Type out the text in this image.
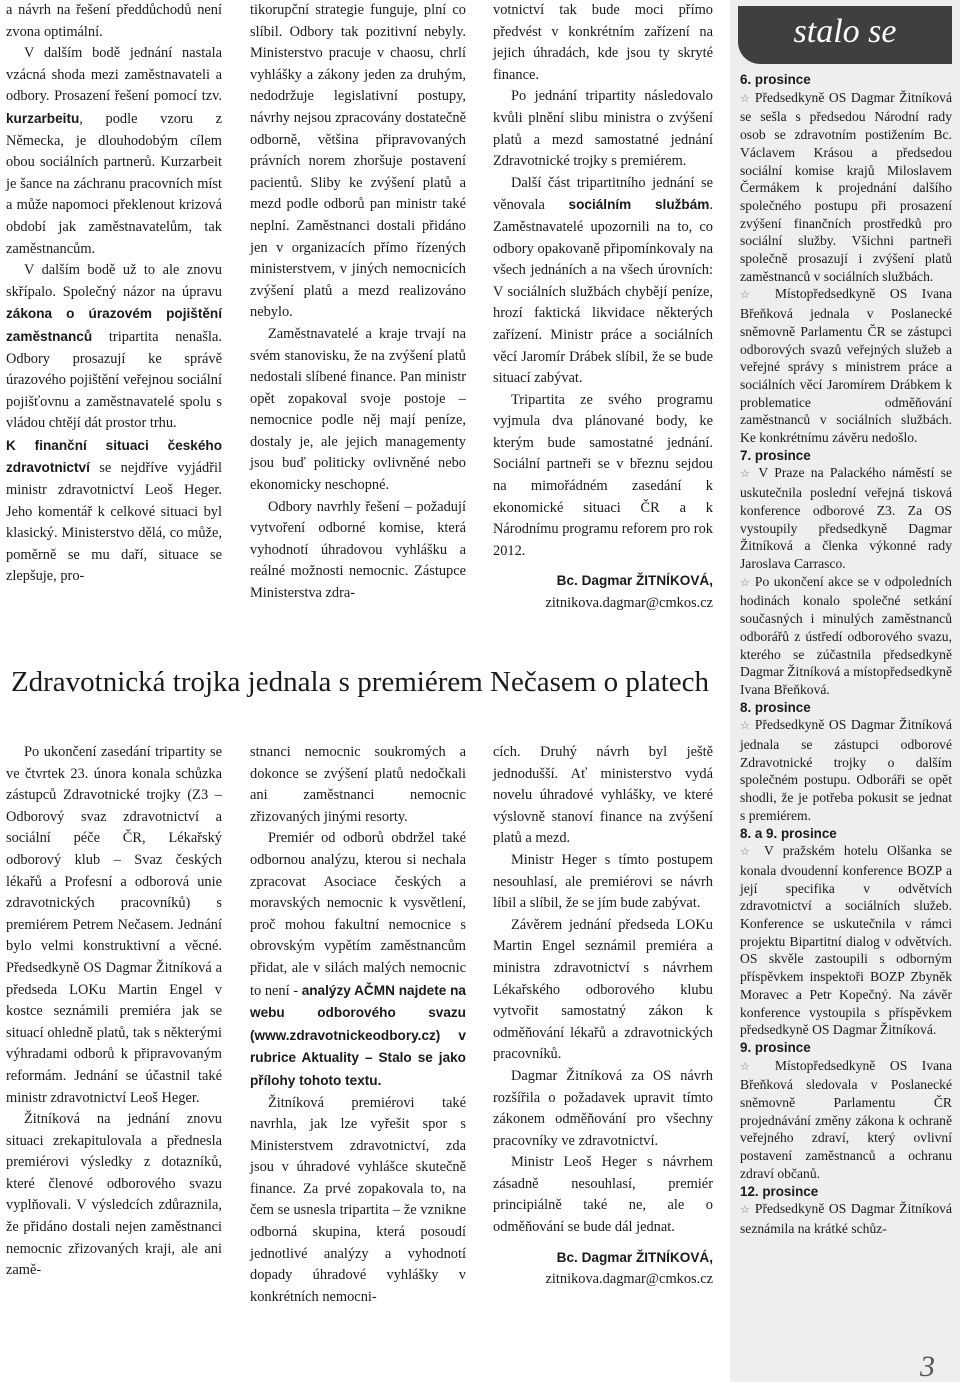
a návrh na řešení předdůchodů není zvona optimální.

V dalším bodě jednání nastala vzácná shoda mezi zaměstnavateli a odbory. Prosazení řešení pomocí tzv. kurzarbeitu, podle vzoru z Německa, je dlouhodobým cílem obou sociálních partnerů. Kurzarbeit je šance na záchranu pracovních míst a může napomoci překlenout krizová období jak zaměstnavatelům, tak zaměstnancům.

V dalším bodě už to ale znovu skřípalo. Společný názor na úpravu zákona o úrazovém pojištění zaměstnanců tripartita nenašla. Odbory prosazují ke správě úrazového pojištění veřejnou sociální pojišťovnu a zaměstnavatelé spolu s vládou chtějí dát prostor trhu.

K finanční situaci českého zdravotnictví se nejdříve vyjádřil ministr zdravotnictví Leoš Heger. Jeho komentář k celkové situaci byl klasický. Ministerstvo dělá, co může, poměrně se mu daří, situace se zlepšuje, pro-

tikorupční strategie funguje, plní co slíbil. Odbory tak pozitivní nebyly. Ministerstvo pracuje v chaosu, chrlí vyhlášky a zákony jeden za druhým, nedodržuje legislativní postupy, návrhy nejsou zpracovány dostatečně odborně, většina připravovaných právních norem zhoršuje postavení pacientů. Sliby ke zvýšení platů a mezd podle odborů pan ministr také neplní. Zaměstnanci dostali přidáno jen v organizacích přímo řízených ministerstvem, v jiných nemocnicích zvýšení platů a mezd realizováno nebylo.

Zaměstnavatelé a kraje trvají na svém stanovisku, že na zvýšení platů nedostali slíbené finance. Pan ministr opět zopakoval svoje postoje – nemocnice podle něj mají peníze, dostaly je, ale jejich managementy jsou buď politicky ovlivněné nebo ekonomicky neschopné.

Odbory navrhly řešení – požadují vytvoření odborné komise, která vyhodnotí úhradovou vyhlášku a reálné možnosti nemocnic. Zástupce Ministerstva zdra-

votnictví tak bude moci přímo předvést v konkrétním zařízení na jejich úhradách, kde jsou ty skryté finance.

Po jednání tripartity následovalo kvůli plnění slibu ministra o zvýšení platů a mezd samostatné jednání Zdravotnické trojky s premiérem.

Další část tripartitního jednání se věnovala sociálním službám. Zaměstnavatelé upozornili na to, co odbory opakovaně připomínkovaly na všech jednáních a na všech úrovních: V sociálních službách chybějí peníze, hrozí faktická likvidace některých zařízení. Ministr práce a sociálních věcí Jaromír Drábek slíbil, že se bude situací zabývat.

Tripartita ze svého programu vyjmula dva plánované body, ke kterým bude samostatné jednání. Sociální partneři se v březnu sejdou na mimořádném zasedání k ekonomické situaci ČR a k Národnímu programu reforem pro rok 2012.

Bc. Dagmar ŽITNÍKOVÁ,

zitnikova.dagmar@cmkos.cz

Zdravotnická trojka jednala s premiérem Nečasem o platech

Po ukončení zasedání tripartity se ve čtvrtek 23. února konala schůzka zástupců Zdravotnické trojky (Z3 – Odborový svaz zdravotnictví a sociální péče ČR, Lékařský odborový klub – Svaz českých lékařů a Profesní a odborová unie zdravotnických pracovníků) s premiérem Petrem Nečasem. Jednání bylo velmi konstruktivní a věcné. Předsedkyně OS Dagmar Žitníková a předseda LOKu Martin Engel v kostce seznámili premiéra jak se situací ohledně platů, tak s některými výhradami odborů k připravovaným reformám. Jednání se účastnil také ministr zdravotnictví Leoš Heger.

Žitníková na jednání znovu situaci zrekapitulovala a přednesla premiérovi výsledky z dotazníků, které členové odborového svazu vyplňovali. V výsledcích zdůraznila, že přidáno dostali nejen zaměstnanci nemocnic zřizovaných kraji, ale ani zamě-

stnanci nemocnic soukromých a dokonce se zvýšení platů nedočkali ani zaměstnanci nemocnic zřizovaných jinými resorty.

Premiér od odborů obdržel také odbornou analýzu, kterou si nechala zpracovat Asociace českých a moravských nemocnic k vysvětlení, proč mohou fakultní nemocnice s obrovským vypětím zaměstnancům přidat, ale v silách malých nemocnic to není - analýzy AČMN najdete na webu odborového svazu (www.zdravotnickeodbory.cz) v rubrice Aktuality – Stalo se jako přílohy tohoto textu.

Žitníková premiérovi také navrhla, jak lze vyřešit spor s Ministerstvem zdravotnictví, zda jsou v úhradové vyhlášce skutečně finance. Za prvé zopakovala to, na čem se usnesla tripartita – že vznikne odborná skupina, která posoudí jednotlivé analýzy a vyhodnotí dopady úhradové vyhlášky v konkrétních nemocni-

cích. Druhý návrh byl ještě jednodušší. Ať ministerstvo vydá novelu úhradové vyhlášky, ve které výslovně stanoví finance na zvýšení platů a mezd.

Ministr Heger s tímto postupem nesouhlasí, ale premiérovi se návrh líbil a slíbil, že se jím bude zabývat.

Závěrem jednání předseda LOKu Martin Engel seznámil premiéra a ministra zdravotnictví s návrhem Lékařského odborového klubu vytvořit samostatný zákon k odměňování lékařů a zdravotnických pracovníků.

Dagmar Žitníková za OS návrh rozšířila o požadavek upravit tímto zákonem odměňování pro všechny pracovníky ve zdravotnictví.

Ministr Leoš Heger s návrhem zásadně nesouhlasí, premiér principiálně také ne, ale o odměňování se bude dál jednat.

Bc. Dagmar ŽITNÍKOVÁ,

zitnikova.dagmar@cmkos.cz

stalo se

6. prosince

☆ Předsedkyně OS Dagmar Žitníková se sešla s předsedou Národní rady osob se zdravotním postižením Bc. Václavem Krásou a předsedou sociální komise krajů Miloslavem Čermákem k projednání dalšího společného postupu při prosazení zvýšení finančních prostředků pro sociální služby. Všichni partneři společně prosazují i zvýšení platů zaměstnanců v sociálních službách.

☆ Místopředsedkyně OS Ivana Břeňková jednala v Poslanecké sněmovně Parlamentu ČR se zástupci odborových svazů veřejných služeb a veřejné správy s ministrem práce a sociálních věcí Jaromírem Drábkem k problematice odměňování zaměstnanců v sociálních službách. Ke konkrétnímu závěru nedošlo.

7. prosince

☆ V Praze na Palackého náměstí se uskutečnila poslední veřejná tisková konference odborové Z3. Za OS vystoupily předsedkyně Dagmar Žitníková a členka výkonné rady Jaroslava Carrasco.

☆ Po ukončení akce se v odpoledních hodinách konalo společné setkání současných i minulých zaměstnanců odborářů z ústředí odborového svazu, kterého se zúčastnila předsedkyně Dagmar Žitníková a místopředsedkyně Ivana Břeňková.

8. prosince

☆ Předsedkyně OS Dagmar Žitníková jednala se zástupci odborové Zdravotnické trojky o dalším společném postupu. Odboráři se opět shodli, že je potřeba pokusit se jednat s premiérem.

8. a 9. prosince

☆ V pražském hotelu Olšanka se konala dvoudenní konference BOZP a její specifika v odvětvích zdravotnictví a sociálních služeb. Konference se uskutečnila v rámci projektu Bipartitní dialog v odvětvích. OS skvěle zastoupili s odborným příspěvkem inspektoři BOZP Zbyněk Moravec a Petr Kopečný. Na závěr konference vystoupila s příspěvkem předsedkyně OS Dagmar Žitníková.

9. prosince

☆ Místopředsedkyně OS Ivana Břeňková sledovala v Poslanecké sněmovně Parlamentu ČR projednávání změny zákona k ochraně veřejného zdraví, který ovlivní postavení zaměstnanců a ochranu zdraví občanů.

12. prosince

☆ Předsedkyně OS Dagmar Žitníková seznámila na krátké schůz-

3
